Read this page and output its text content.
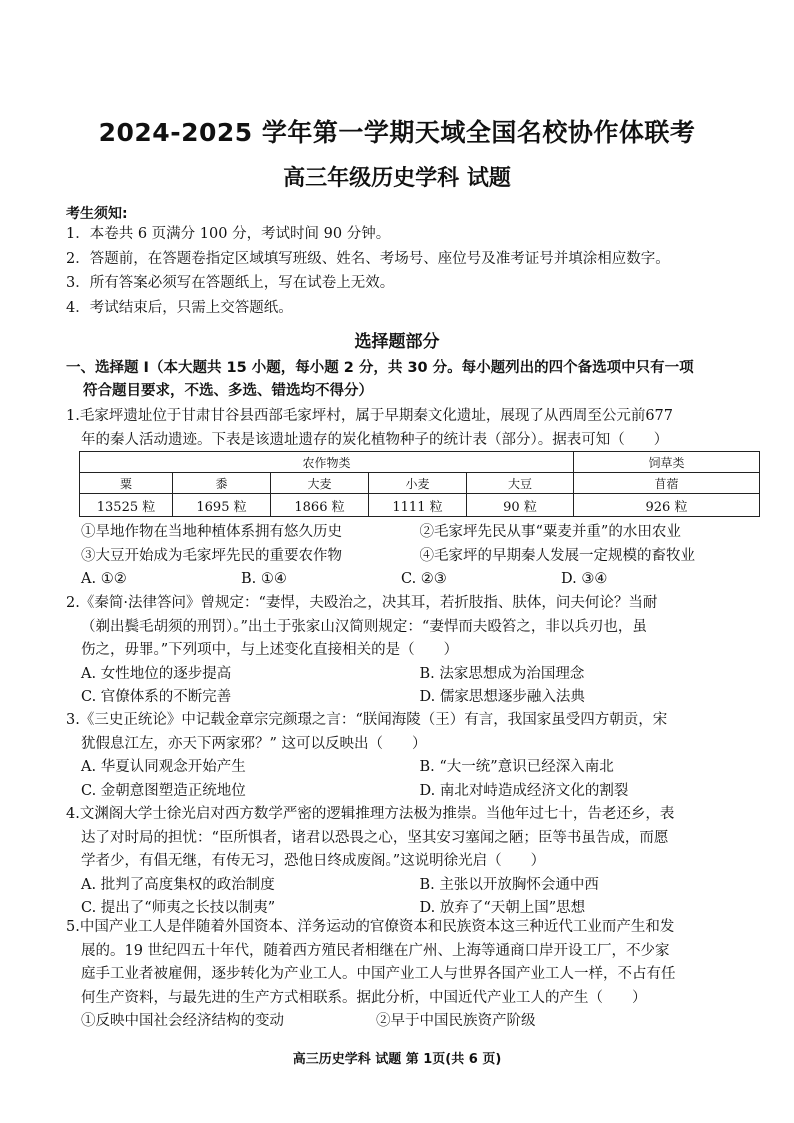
2024-2025 学年第一学期天域全国名校协作体联考
高三年级历史学科 试题
考生须知:
1．本卷共 6 页满分 100 分，考试时间 90 分钟。
2．答题前，在答题卷指定区域填写班级、姓名、考场号、座位号及准考证号并填涂相应数字。
3．所有答案必须写在答题纸上，写在试卷上无效。
4．考试结束后，只需上交答题纸。
选择题部分
一、选择题 I（本大题共 15 小题，每小题 2 分，共 30 分。每小题列出的四个备选项中只有一项
符合题目要求，不选、多选、错选均不得分）
1.毛家坪遗址位于甘肃甘谷县西部毛家坪村，属于早期秦文化遗址，展现了从西周至公元前677
年的秦人活动遗迹。下表是该遗址遗存的炭化植物种子的统计表（部分）。据表可知（　　）
农作物类					饲草类
粟	黍	大麦	小麦	大豆	苜蓿
13525 粒	1695 粒	1866 粒	1111 粒	90 粒	926 粒
①旱地作物在当地种植体系拥有悠久历史	②毛家坪先民从事“粟麦并重”的水田农业
③大豆开始成为毛家坪先民的重要农作物	④毛家坪的早期秦人发展一定规模的畜牧业
A. ①②	B. ①④	C. ②③	D. ③④
2.《秦简·法律答问》曾规定：“妻悍，夫殴治之，决其耳，若折肢指、肤体，问夫何论？当耐
（剃出鬓毛胡须的刑罚）。”出土于张家山汉简则规定：“妻悍而夫殴笞之，非以兵刃也，虽
伤之，毋罪。”下列项中，与上述变化直接相关的是（　　）
A. 女性地位的逐步提高	B. 法家思想成为治国理念
C. 官僚体系的不断完善	D. 儒家思想逐步融入法典
3.《三史正统论》中记载金章宗完颜璟之言：“朕闻海陵（王）有言，我国家虽受四方朝贡，宋
犹假息江左，亦天下两家邪？” 这可以反映出（　　）
A. 华夏认同观念开始产生	B. “大一统”意识已经深入南北
C. 金朝意图塑造正统地位	D. 南北对峙造成经济文化的割裂
4.文渊阁大学士徐光启对西方数学严密的逻辑推理方法极为推崇。当他年过七十，告老还乡，表
达了对时局的担忧：“臣所惧者，诸君以恐畏之心，坚其安习塞闻之陋；臣等书虽告成，而愿
学者少，有倡无继，有传无习，恐他日终成废阁。”这说明徐光启（　　）
A. 批判了高度集权的政治制度	B. 主张以开放胸怀会通中西
C. 提出了“师夷之长技以制夷”	D. 放弃了“天朝上国”思想
5.中国产业工人是伴随着外国资本、洋务运动的官僚资本和民族资本这三种近代工业而产生和发
展的。19 世纪四五十年代，随着西方殖民者相继在广州、上海等通商口岸开设工厂，不少家
庭手工业者被雇佣，逐步转化为产业工人。中国产业工人与世界各国产业工人一样，不占有任
何生产资料，与最先进的生产方式相联系。据此分析，中国近代产业工人的产生（　　）
①反映中国社会经济结构的变动	②早于中国民族资产阶级
高三历史学科 试题 第 1页(共 6 页)
